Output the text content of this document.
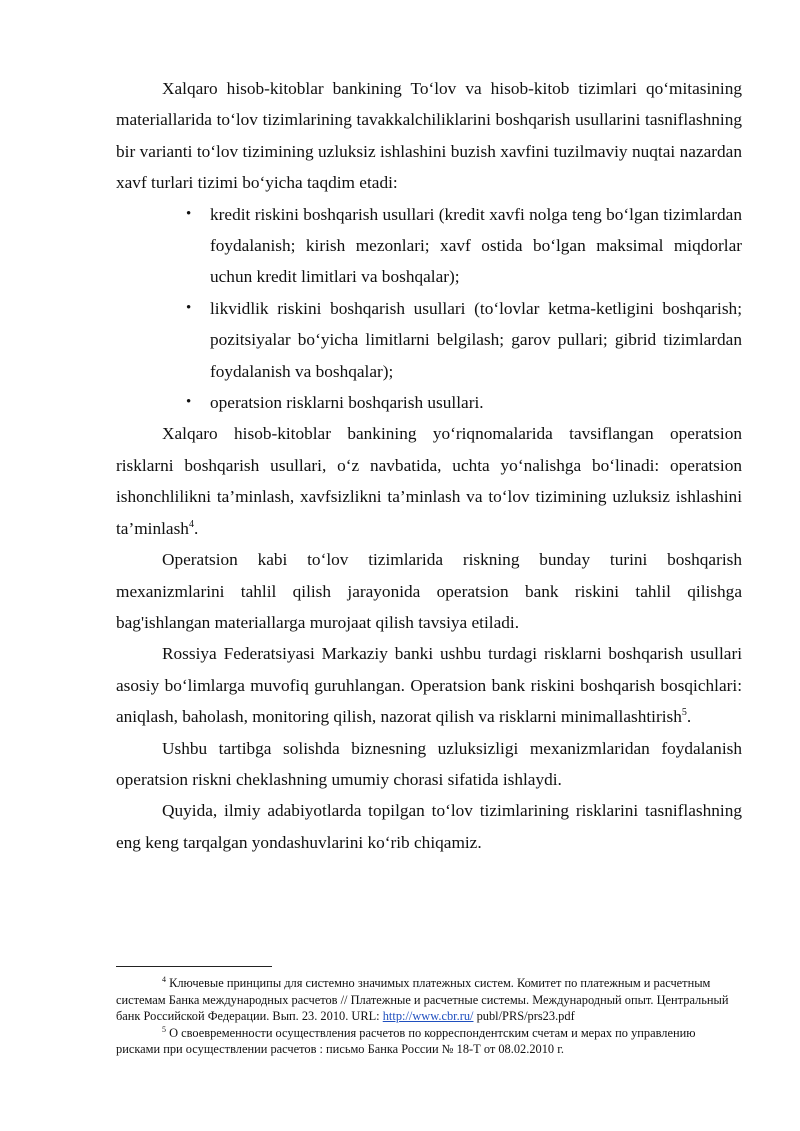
Xalqaro hisob-kitoblar bankining To‘lov va hisob-kitob tizimlari qo‘mitasining materiallarida to‘lov tizimlarining tavakkalchiliklarini boshqarish usullarini tasniflashning bir varianti to‘lov tizimining uzluksiz ishlashini buzish xavfini tuzilmaviy nuqtai nazardan xavf turlari tizimi bo‘yicha taqdim etadi:

• kredit riskini boshqarish usullari (kredit xavfi nolga teng bo‘lgan tizimlardan foydalanish; kirish mezonlari; xavf ostida bo‘lgan maksimal miqdorlar uchun kredit limitlari va boshqalar);
• likvidlik riskini boshqarish usullari (to‘lovlar ketma-ketligini boshqarish; pozitsiyalar bo‘yicha limitlarni belgilash; garov pullari; gibrid tizimlardan foydalanish va boshqalar);
• operatsion risklarni boshqarish usullari.

Xalqaro hisob-kitoblar bankining yo‘riqnomalarida tavsiflangan operatsion risklarni boshqarish usullari, o‘z navbatida, uchta yo‘nalishga bo‘linadi: operatsion ishonchlilikni ta’minlash, xavfsizlikni ta’minlash va to‘lov tizimining uzluksiz ishlashini ta’minlash$^4$.

Operatsion kabi to‘lov tizimlarida riskning bunday turini boshqarish mexanizmlarini tahlil qilish jarayonida operatsion bank riskini tahlil qilishga bag'ishlangan materiallarga murojaat qilish tavsiya etiladi.

Rossiya Federatsiyasi Markaziy banki ushbu turdagi risklarni boshqarish usullari asosiy bo‘limlarga muvofiq guruhlangan. Operatsion bank riskini boshqarish bosqichlari: aniqlash, baholash, monitoring qilish, nazorat qilish va risklarni minimallashtirish$^5$.

Ushbu tartibga solishda biznesning uzluksizligi mexanizmlaridan foydalanish operatsion riskni cheklashning umumiy chorasi sifatida ishlaydi.

Quyida, ilmiy adabiyotlarda topilgan to‘lov tizimlarining risklarini tasniflashning eng keng tarqalgan yondashuvlarini ko‘rib chiqamiz.

$^4$ Ключевые принципы для системно значимых платежных систем. Комитет по платежным и расчетным системам Банка международных расчетов // Платежные и расчетные системы. Международный опыт. Центральный банк Российской Федерации. Вып. 23. 2010. URL: http://www.cbr.ru/ publ/PRS/prs23.pdf

$^5$ О своевременности осуществления расчетов по корреспондентским счетам и мерах по управлению рисками при осуществлении расчетов : письмо Банка России № 18-Т от 08.02.2010 г.
